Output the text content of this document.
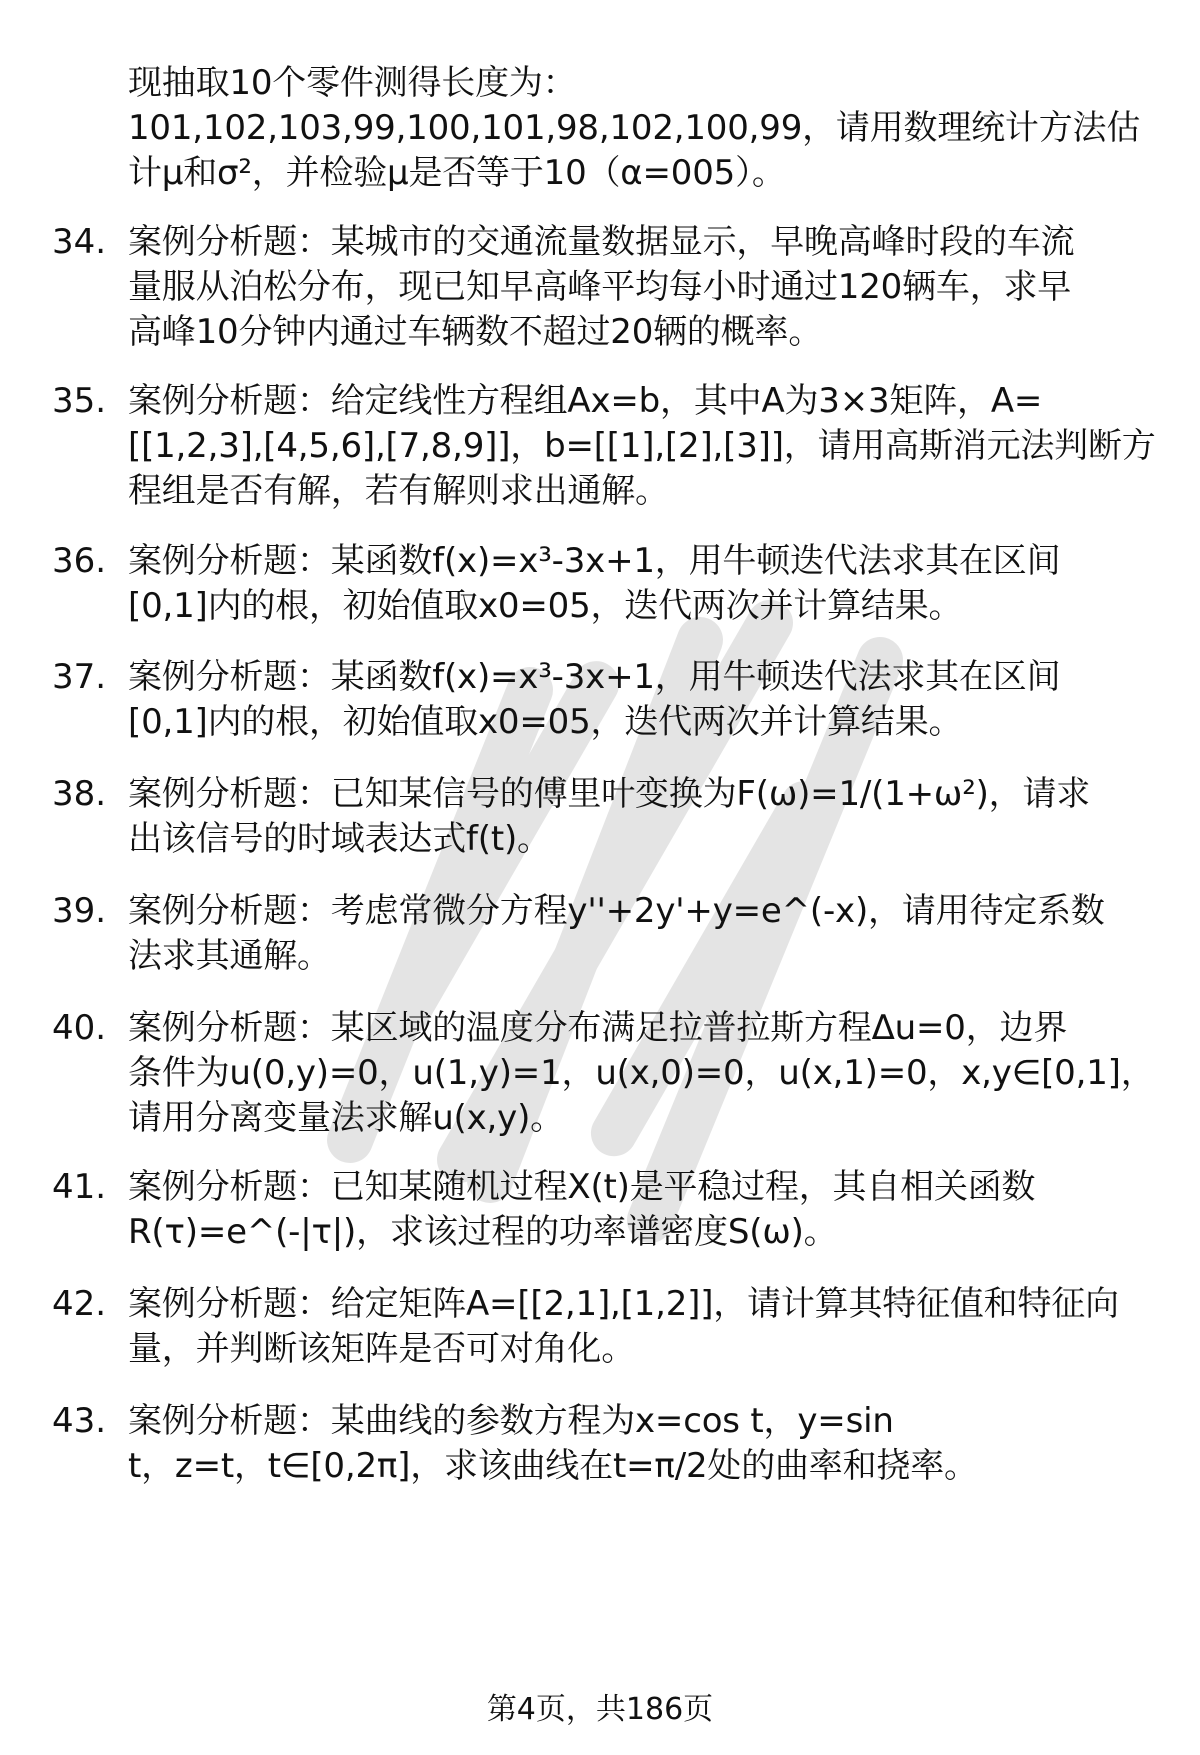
现抽取10个零件测得长度为：
101,102,103,99,100,101,98,102,100,99，请用数理统计方法估
计μ和σ²，并检验μ是否等于10（α=005）。
34. 案例分析题：某城市的交通流量数据显示，早晚高峰时段的车流
量服从泊松分布，现已知早高峰平均每小时通过120辆车，求早
高峰10分钟内通过车辆数不超过20辆的概率。
35. 案例分析题：给定线性方程组Ax=b，其中A为3×3矩阵，A=
[[1,2,3],[4,5,6],[7,8,9]]，b=[[1],[2],[3]]，请用高斯消元法判断方
程组是否有解，若有解则求出通解。
36. 案例分析题：某函数f(x)=x³-3x+1，用牛顿迭代法求其在区间
[0,1]内的根，初始值取x0=05，迭代两次并计算结果。
37. 案例分析题：某函数f(x)=x³-3x+1，用牛顿迭代法求其在区间
[0,1]内的根，初始值取x0=05，迭代两次并计算结果。
38. 案例分析题：已知某信号的傅里叶变换为F(ω)=1/(1+ω²)，请求
出该信号的时域表达式f(t)。
39. 案例分析题：考虑常微分方程y''+2y'+y=e^(-x)，请用待定系数
法求其通解。
40. 案例分析题：某区域的温度分布满足拉普拉斯方程Δu=0，边界
条件为u(0,y)=0，u(1,y)=1，u(x,0)=0，u(x,1)=0，x,y∈[0,1]，
请用分离变量法求解u(x,y)。
41. 案例分析题：已知某随机过程X(t)是平稳过程，其自相关函数
R(τ)=e^(-|τ|)，求该过程的功率谱密度S(ω)。
42. 案例分析题：给定矩阵A=[[2,1],[1,2]]，请计算其特征值和特征向
量，并判断该矩阵是否可对角化。
43. 案例分析题：某曲线的参数方程为x=cos t，y=sin
t，z=t，t∈[0,2π]，求该曲线在t=π/2处的曲率和挠率。
第4页，共186页
